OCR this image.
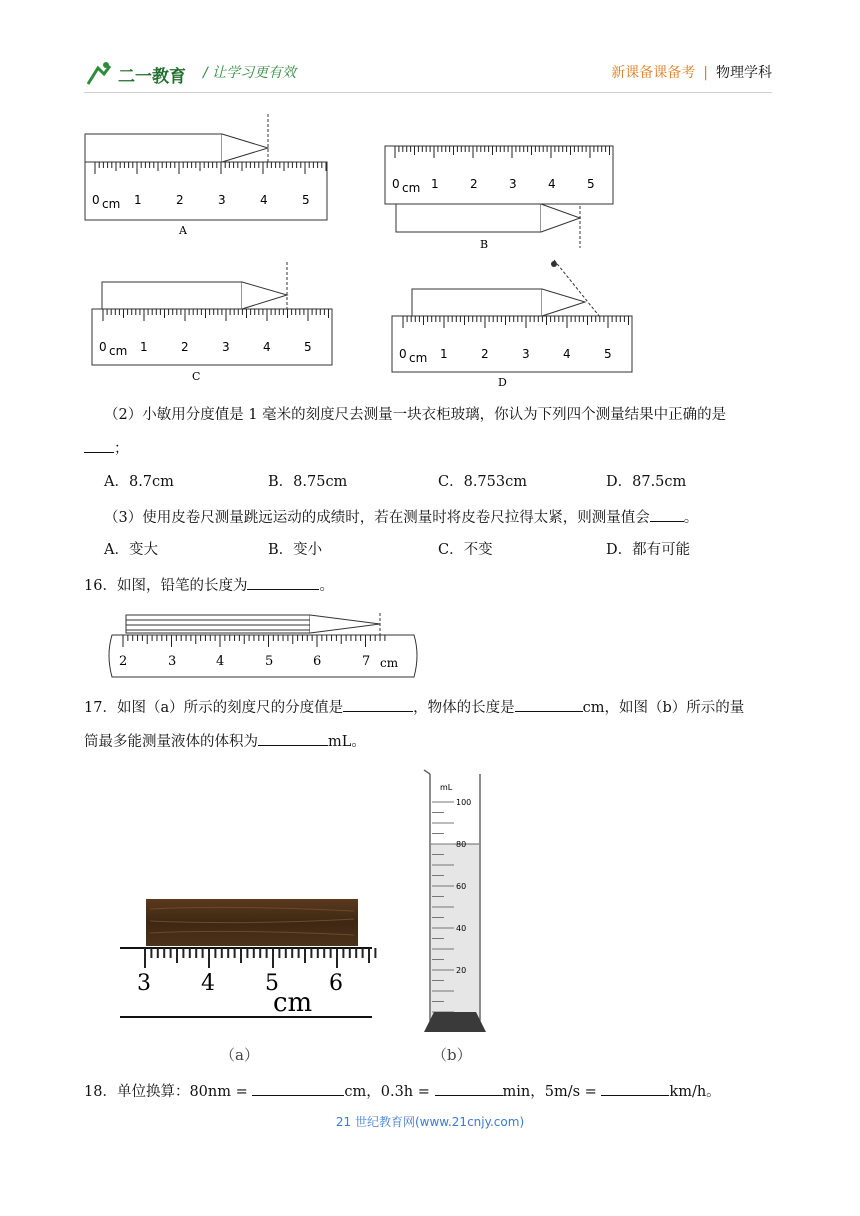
二一教育 / 让学习更有效	新课备课备考 | 物理学科
A
B
C	D
0	1	2	3	4	5
cm
0	1	2	3	4	5
cm
0	1	2	3	4	5
cm	0	1	2	3	4	5
cm
（2）小敏用分度值是 1 毫米的刻度尺去测量一块衣柜玻璃，你认为下列四个测量结果中正确的是
；
A．8.7cm	B．8.75cm	C．8.753cm	D．87.5cm
（3）使用皮卷尺测量跳远运动的成绩时，若在测量时将皮卷尺拉得太紧，则测量值会 。
A．变大	B．变小	C．不变	D．都有可能
16．如图，铅笔的长度为	。
2	3	4	5	6	7 cm
17．如图（a）所示的刻度尺的分度值是	，物体的长度是	cm，如图（b）所示的量
筒最多能测量液体的体积为	mL。
3 4 5 6
cm
mL
100
80
60
40
20
（a）	（b）
18．单位换算：80nm =	cm，0.3h =	min，5m/s =	km/h。
21 世纪教育网(www.21cnjy.com)
